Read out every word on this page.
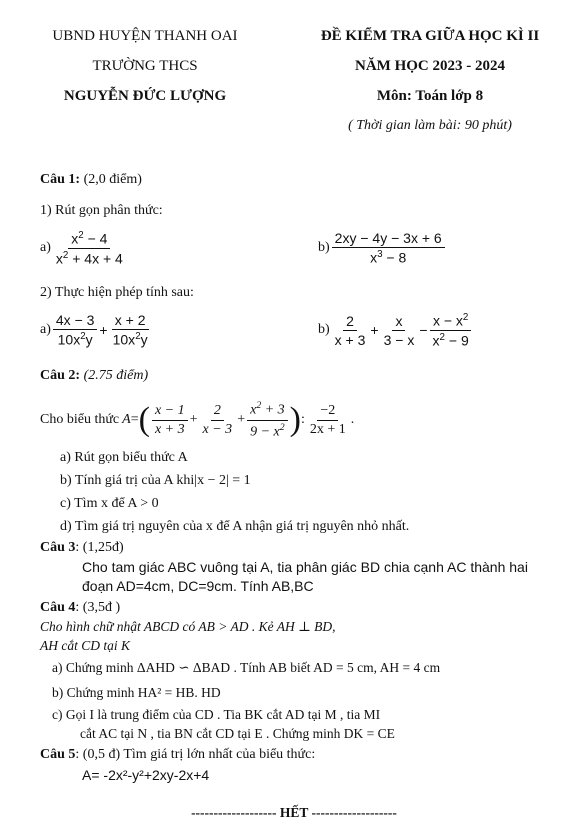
UBND HUYỆN THANH OAI
TRƯỜNG THCS
NGUYỄN ĐỨC LƯỢNG
ĐỀ KIỂM TRA GIỮA HỌC KÌ II
NĂM HỌC 2023 - 2024
Môn: Toán lớp 8
( Thời gian làm bài: 90 phút)
Câu 1: (2,0 điểm)
1) Rút gọn phân thức:
$a) \frac{x^2 - 4}{x^2 + 4x + 4}$	$b) \frac{2xy - 4y - 3x + 6}{x^3 - 8}$
2) Thực hiện phép tính sau:
$a) \frac{4x - 3}{10x^2y} + \frac{x + 2}{10x^2y}$	$b) \frac{2}{x + 3} + \frac{x}{3 - x} - \frac{x - x^2}{x^2 - 9}$
Câu 2: (2.75 điểm)
Cho biểu thức A = ( $\frac{x - 1}{x + 3} + \frac{2}{x - 3} + \frac{x^2 + 3}{9 - x^2}$ ) : $\frac{-2}{2x + 1}$ .
a) Rút gọn biểu thức A
b) Tính giá trị của A khi|x − 2| = 1
c) Tìm x để A > 0
d) Tìm giá trị nguyên của x để A nhận giá trị nguyên nhỏ nhất.
Câu 3: (1,25đ)
Cho tam giác ABC vuông tại A, tia phân giác BD chia cạnh AC thành hai
đoạn AD=4cm, DC=9cm. Tính AB,BC
Câu 4: (3,5đ )
Cho hình chữ nhật ABCD có AB > AD . Kẻ AH ⊥ BD,
AH cắt CD tại K
a) Chứng minh ΔAHD ∽ ΔBAD . Tính AB biết AD = 5 cm, AH = 4 cm
b) Chứng minh HA² = HB. HD
c) Gọi I là trung điểm của CD . Tia BK cắt AD tại M , tia MI
cắt AC tại N , tia BN cắt CD tại E . Chứng minh DK = CE
Câu 5: (0,5 đ) Tìm giá trị lớn nhất của biểu thức:
A= -2x²-y²+2xy-2x+4
------------------- HẾT -------------------
